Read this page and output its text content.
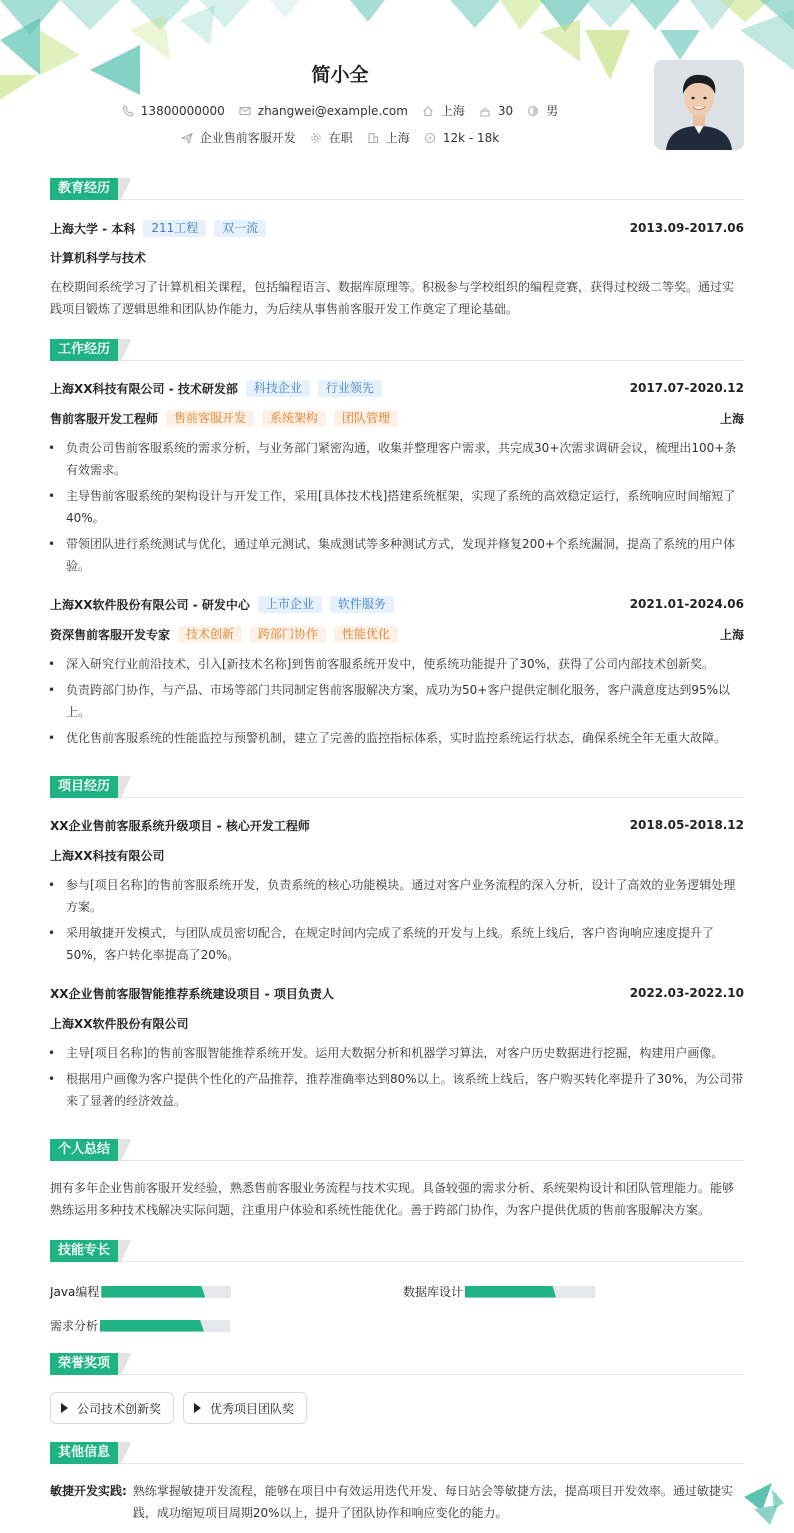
简小全
13800000000	zhangwei@example.com	上海	30	男
企业售前客服开发	在职	上海	12k - 18k
教育经历
上海大学 - 本科	211工程	双一流	2013.09-2017.06
计算机科学与技术
在校期间系统学习了计算机相关课程，包括编程语言、数据库原理等。积极参与学校组织的编程竞赛，获得过校级二等奖。通过实践项目锻炼了逻辑思维和团队协作能力，为后续从事售前客服开发工作奠定了理论基础。
工作经历
上海XX科技有限公司 - 技术研发部	科技企业	行业领先	2017.07-2020.12
售前客服开发工程师	售前客服开发	系统架构	团队管理	上海
• 负责公司售前客服系统的需求分析，与业务部门紧密沟通，收集并整理客户需求，共完成30+次需求调研会议，梳理出100+条有效需求。
• 主导售前客服系统的架构设计与开发工作，采用[具体技术栈]搭建系统框架，实现了系统的高效稳定运行，系统响应时间缩短了40%。
• 带领团队进行系统测试与优化，通过单元测试、集成测试等多种测试方式，发现并修复200+个系统漏洞，提高了系统的用户体验。
上海XX软件股份有限公司 - 研发中心	上市企业	软件服务	2021.01-2024.06
资深售前客服开发专家	技术创新	跨部门协作	性能优化	上海
• 深入研究行业前沿技术，引入[新技术名称]到售前客服系统开发中，使系统功能提升了30%，获得了公司内部技术创新奖。
• 负责跨部门协作，与产品、市场等部门共同制定售前客服解决方案，成功为50+客户提供定制化服务，客户满意度达到95%以上。
• 优化售前客服系统的性能监控与预警机制，建立了完善的监控指标体系，实时监控系统运行状态，确保系统全年无重大故障。
项目经历
XX企业售前客服系统升级项目 - 核心开发工程师	2018.05-2018.12
上海XX科技有限公司
• 参与[项目名称]的售前客服系统开发，负责系统的核心功能模块。通过对客户业务流程的深入分析，设计了高效的业务逻辑处理方案。
• 采用敏捷开发模式，与团队成员密切配合，在规定时间内完成了系统的开发与上线。系统上线后，客户咨询响应速度提升了50%，客户转化率提高了20%。
XX企业售前客服智能推荐系统建设项目 - 项目负责人	2022.03-2022.10
上海XX软件股份有限公司
• 主导[项目名称]的售前客服智能推荐系统开发。运用大数据分析和机器学习算法，对客户历史数据进行挖掘，构建用户画像。
• 根据用户画像为客户提供个性化的产品推荐，推荐准确率达到80%以上。该系统上线后，客户购买转化率提升了30%，为公司带来了显著的经济效益。
个人总结
拥有多年企业售前客服开发经验，熟悉售前客服业务流程与技术实现。具备较强的需求分析、系统架构设计和团队管理能力。能够熟练运用多种技术栈解决实际问题，注重用户体验和系统性能优化。善于跨部门协作，为客户提供优质的售前客服解决方案。
技能专长
Java编程	数据库设计
需求分析
荣誉奖项
公司技术创新奖	优秀项目团队奖
其他信息
敏捷开发实践: 熟练掌握敏捷开发流程，能够在项目中有效运用迭代开发、每日站会等敏捷方法，提高项目开发效率。通过敏捷实践，成功缩短项目周期20%以上，提升了团队协作和响应变化的能力。
